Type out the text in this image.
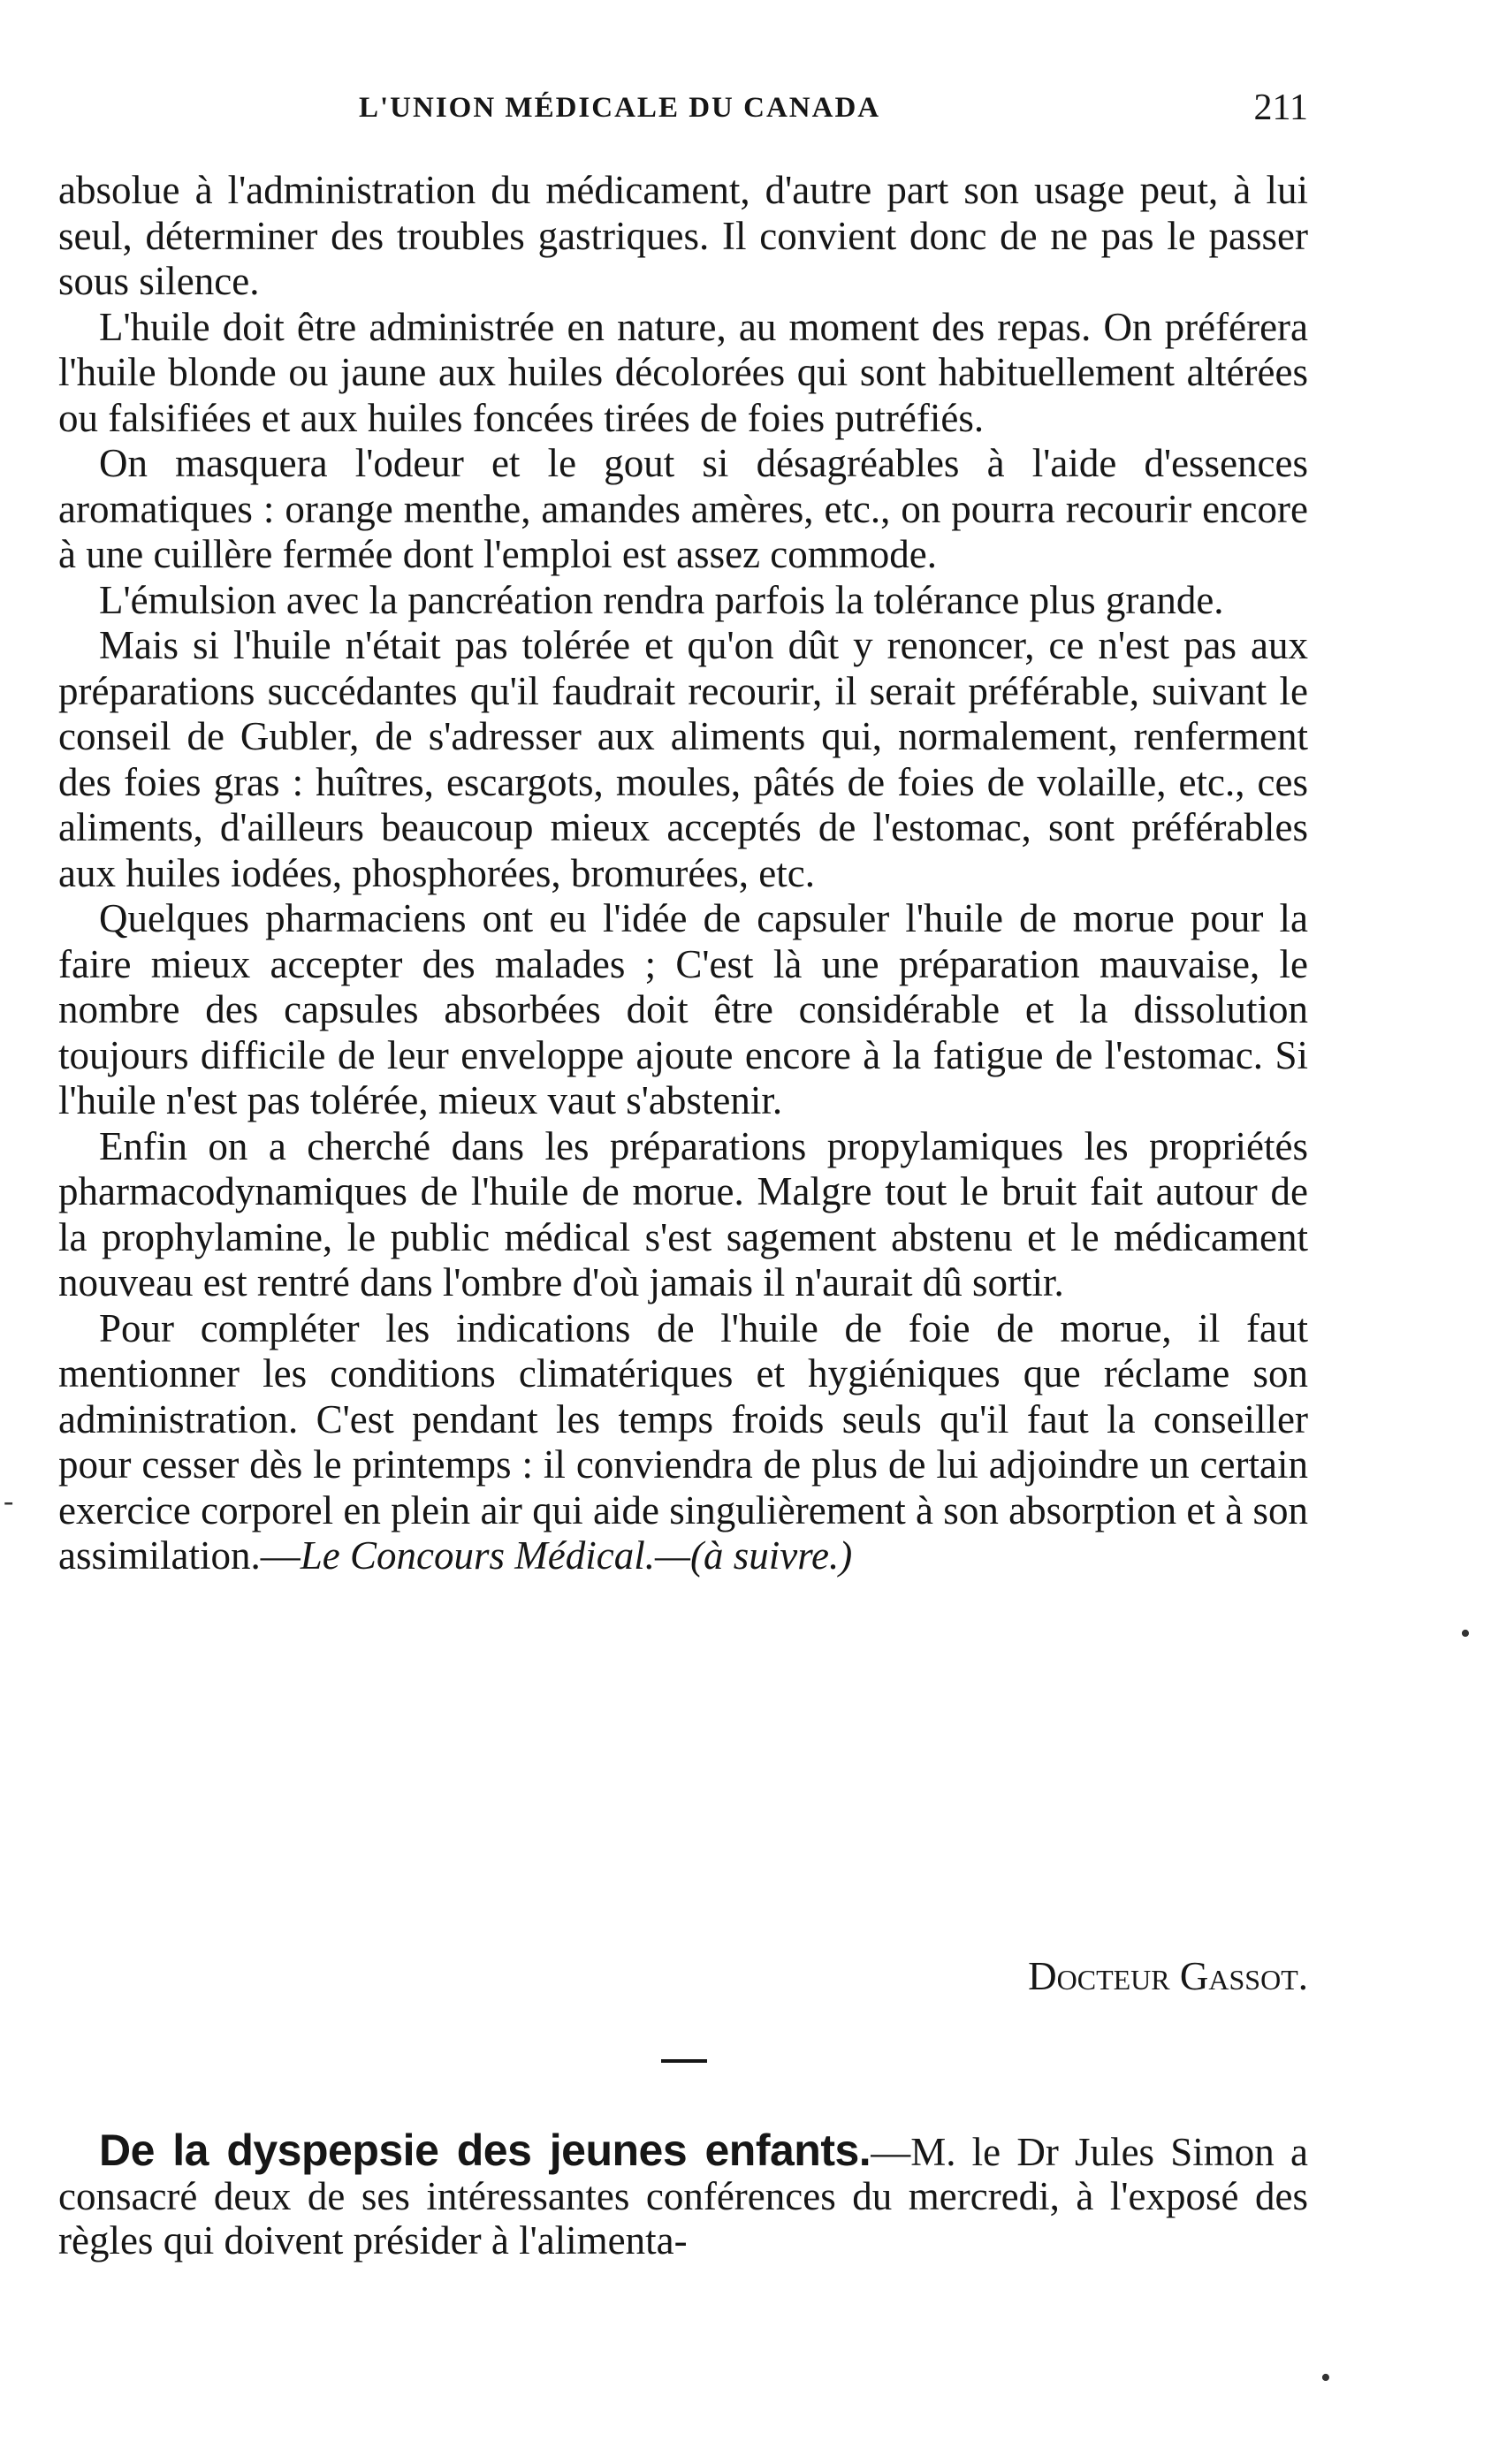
L'UNION MÉDICALE DU CANADA	211

absolue à l'administration du médicament, d'autre part son usage peut, à lui seul, déterminer des troubles gastriques. Il convient donc de ne pas le passer sous silence.

L'huile doit être administrée en nature, au moment des repas. On préférera l'huile blonde ou jaune aux huiles décolorées qui sont habituellement altérées ou falsifiées et aux huiles foncées tirées de foies putréfiés.

On masquera l'odeur et le gout si désagréables à l'aide d'essences aromatiques : orange menthe, amandes amères, etc., on pourra recourir encore à une cuillère fermée dont l'emploi est assez commode.

L'émulsion avec la pancréation rendra parfois la tolérance plus grande.

Mais si l'huile n'était pas tolérée et qu'on dût y renoncer, ce n'est pas aux préparations succédantes qu'il faudrait recourir, il serait préférable, suivant le conseil de Gubler, de s'adresser aux aliments qui, normalement, renferment des foies gras : huîtres, escargots, moules, pâtés de foies de volaille, etc., ces aliments, d'ailleurs beaucoup mieux acceptés de l'estomac, sont préférables aux huiles iodées, phosphorées, bromurées, etc.

Quelques pharmaciens ont eu l'idée de capsuler l'huile de morue pour la faire mieux accepter des malades ; C'est là une préparation mauvaise, le nombre des capsules absorbées doit être considérable et la dissolution toujours difficile de leur enveloppe ajoute encore à la fatigue de l'estomac. Si l'huile n'est pas tolérée, mieux vaut s'abstenir.

Enfin on a cherché dans les préparations propylamiques les propriétés pharmacodynamiques de l'huile de morue. Malgre tout le bruit fait autour de la prophylamine, le public médical s'est sagement abstenu et le médicament nouveau est rentré dans l'ombre d'où jamais il n'aurait dû sortir.

Pour compléter les indications de l'huile de foie de morue, il faut mentionner les conditions climatériques et hygiéniques que réclame son administration. C'est pendant les temps froids seuls qu'il faut la conseiller pour cesser dès le printemps : il conviendra de plus de lui adjoindre un certain exercice corporel en plein air qui aide singulièrement à son absorption et à son assimilation.—Le Concours Médical.—(à suivre.)

Docteur Gassot.

De la dyspepsie des jeunes enfants.—M. le Dr Jules Simon a consacré deux de ses intéressantes conférences du mercredi, à l'exposé des règles qui doivent présider à l'alimenta-

-
•
•
